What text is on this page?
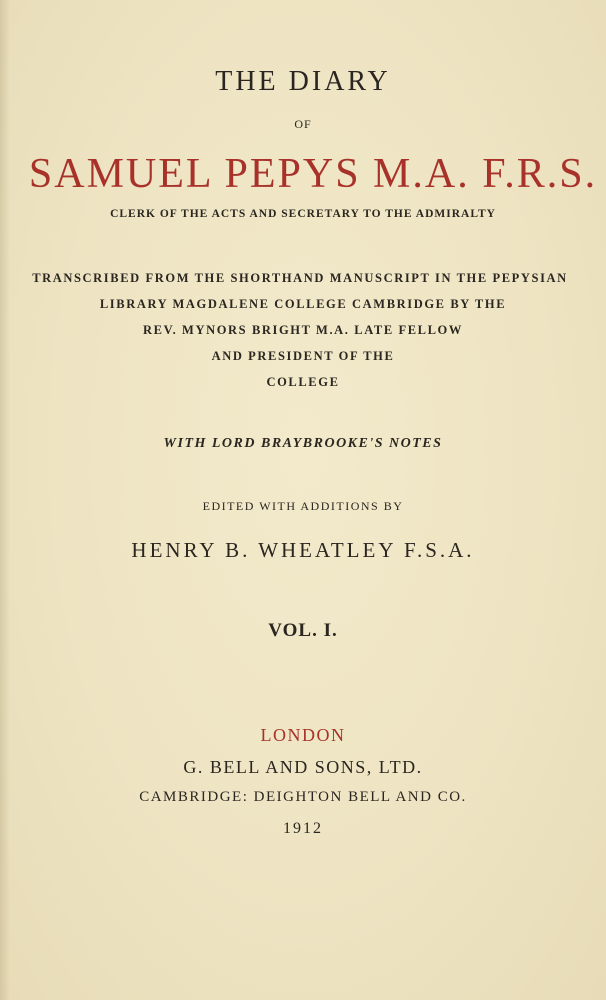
THE DIARY
OF
SAMUEL PEPYS M.A. F.R.S.
CLERK OF THE ACTS AND SECRETARY TO THE ADMIRALTY
TRANSCRIBED FROM THE SHORTHAND MANUSCRIPT IN THE PEPYSIAN
LIBRARY MAGDALENE COLLEGE CAMBRIDGE BY THE
REV. MYNORS BRIGHT M.A. LATE FELLOW
AND PRESIDENT OF THE
COLLEGE
WITH LORD BRAYBROOKE'S NOTES
EDITED WITH ADDITIONS BY
HENRY B. WHEATLEY F.S.A.
VOL. I.
LONDON
G. BELL AND SONS, LTD.
CAMBRIDGE: DEIGHTON BELL AND CO.
1912
